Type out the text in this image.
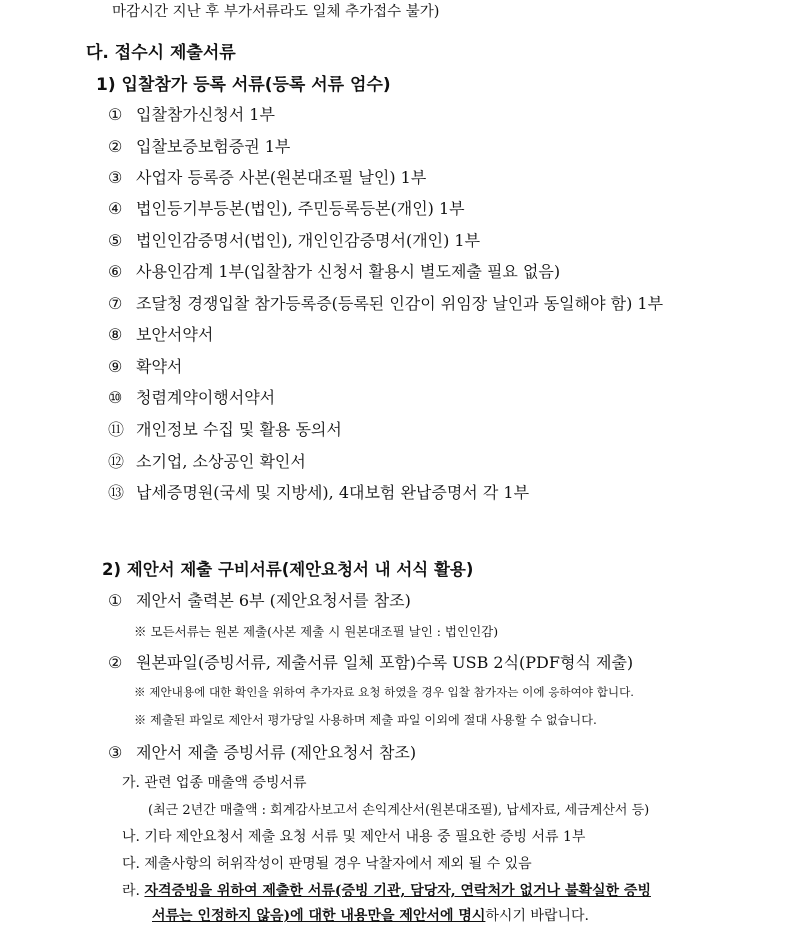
마감시간 지난 후 부가서류라도 일체 추가접수 불가)
다. 접수시 제출서류
1) 입찰참가 등록 서류(등록 서류 엄수)
① 입찰참가신청서 1부
② 입찰보증보험증권 1부
③ 사업자 등록증 사본(원본대조필 날인) 1부
④ 법인등기부등본(법인), 주민등록등본(개인) 1부
⑤ 법인인감증명서(법인), 개인인감증명서(개인) 1부
⑥ 사용인감계 1부(입찰참가 신청서 활용시 별도제출 필요 없음)
⑦ 조달청 경쟁입찰 참가등록증(등록된 인감이 위임장 날인과 동일해야 함) 1부
⑧ 보안서약서
⑨ 확약서
⑩ 청렴계약이행서약서
⑪ 개인정보 수집 및 활용 동의서
⑫ 소기업, 소상공인 확인서
⑬ 납세증명원(국세 및 지방세), 4대보험 완납증명서 각 1부
2) 제안서 제출 구비서류(제안요청서 내 서식 활용)
① 제안서 출력본 6부 (제안요청서를 참조)
※ 모든서류는 원본 제출(사본 제출 시 원본대조필 날인 : 법인인감)
② 원본파일(증빙서류, 제출서류 일체 포함)수록 USB 2식(PDF형식 제출)
※ 제안내용에 대한 확인을 위하여 추가자료 요청 하였을 경우 입찰 참가자는 이에 응하여야 합니다.
※ 제출된 파일로 제안서 평가당일 사용하며 제출 파일 이외에 절대 사용할 수 없습니다.
③ 제안서 제출 증빙서류 (제안요청서 참조)
가. 관련 업종 매출액 증빙서류
(최근 2년간 매출액 : 회계감사보고서 손익계산서(원본대조필), 납세자료, 세금계산서 등)
나. 기타 제안요청서 제출 요청 서류 및 제안서 내용 중 필요한 증빙 서류 1부
다. 제출사항의 허위작성이 판명될 경우 낙찰자에서 제외 될 수 있음
라. 자격증빙을 위하여 제출한 서류(증빙 기관, 담당자, 연락처가 없거나 불확실한 증빙
서류는 인정하지 않음)에 대한 내용만을 제안서에 명시하시기 바랍니다.
